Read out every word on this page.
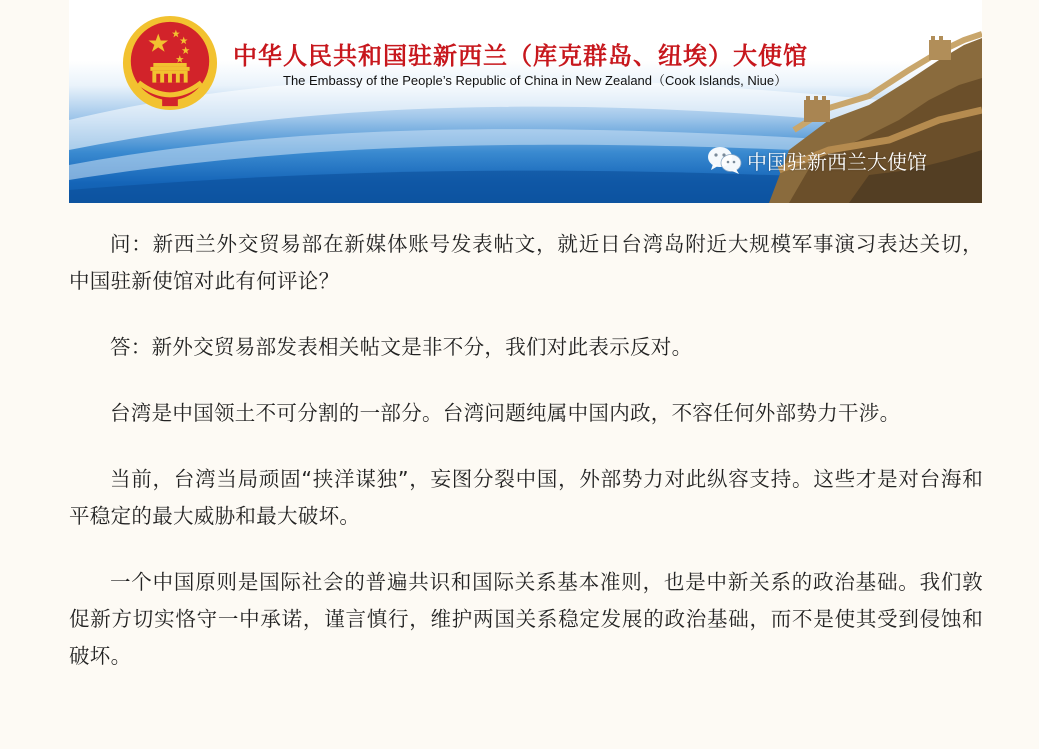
中华人民共和国驻新西兰（库克群岛、纽埃）大使馆
The Embassy of the People’s Republic of China in New Zealand（Cook Islands, Niue）
中国驻新西兰大使馆

问：新西兰外交贸易部在新媒体账号发表帖文，就近日台湾岛附近大规模军事演习表达关切，中国驻新使馆对此有何评论？

答：新外交贸易部发表相关帖文是非不分，我们对此表示反对。

台湾是中国领土不可分割的一部分。台湾问题纯属中国内政，不容任何外部势力干涉。

当前，台湾当局顽固“挟洋谋独”，妄图分裂中国，外部势力对此纵容支持。这些才是对台海和平稳定的最大威胁和最大破坏。

一个中国原则是国际社会的普遍共识和国际关系基本准则，也是中新关系的政治基础。我们敦促新方切实恪守一中承诺，谨言慎行，维护两国关系稳定发展的政治基础，而不是使其受到侵蚀和破坏。
